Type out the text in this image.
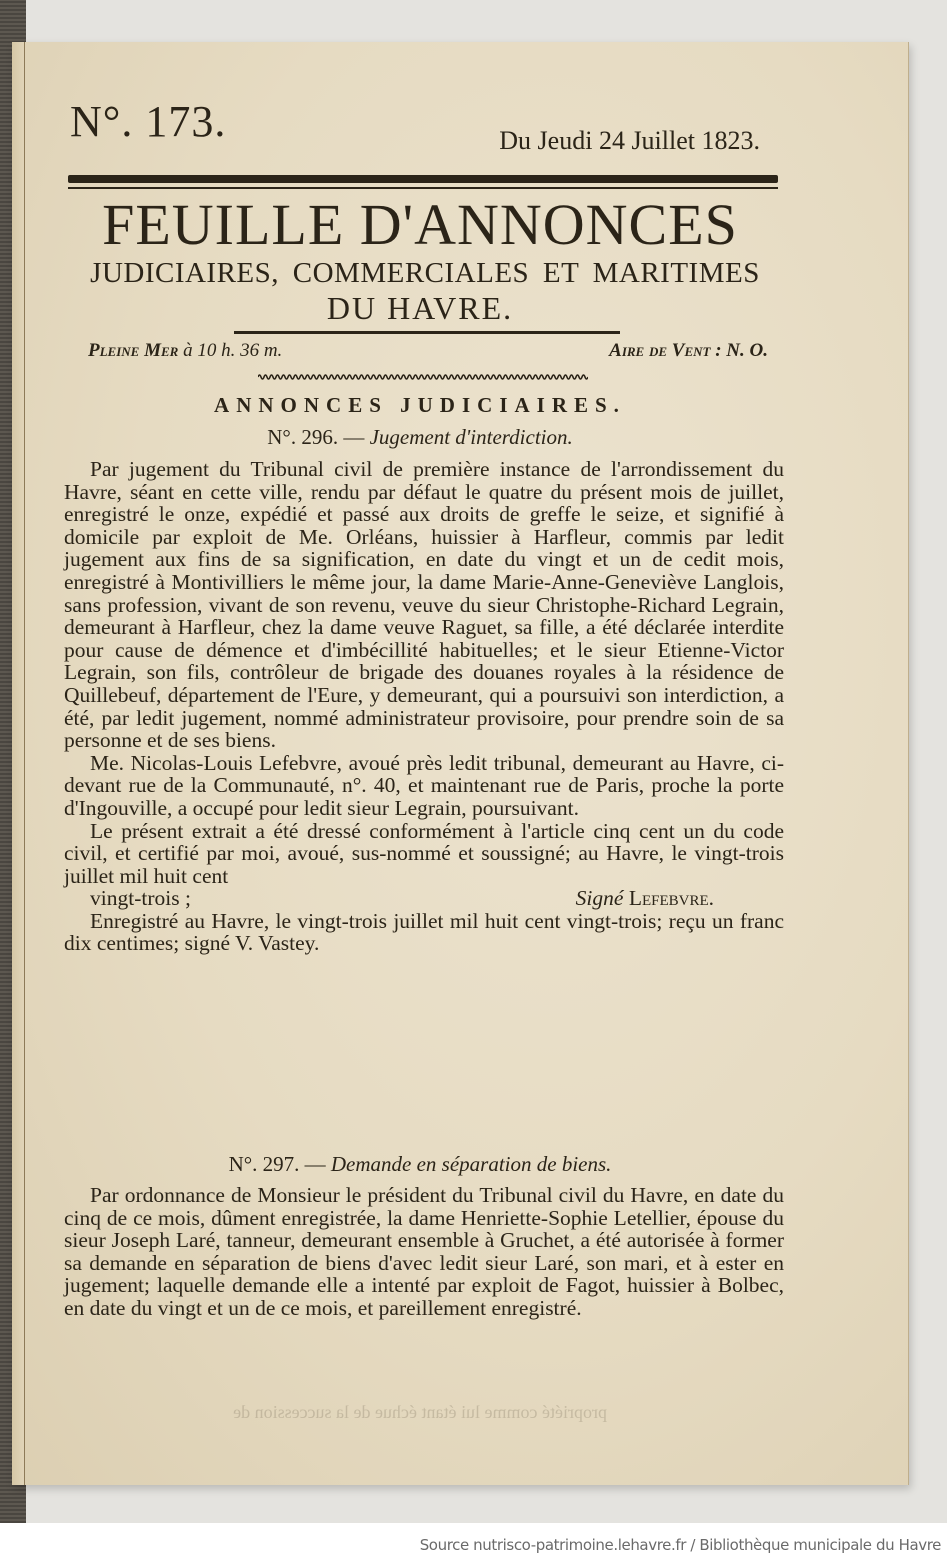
N°. 173.	Du Jeudi 24 Juillet 1823.
FEUILLE D'ANNONCES
JUDICIAIRES, COMMERCIALES ET MARITIMES
DU HAVRE.
Pleine Mer à 10 h. 36 m.	Aire de Vent : N. O.
ANNONCES JUDICIAIRES.
N°. 296. — Jugement d'interdiction.

Par jugement du Tribunal civil de première instance de l'arrondissement du Havre, séant en cette ville, rendu par défaut le quatre du présent mois de juillet, enregistré le onze, expédié et passé aux droits de greffe le seize, et signifié à domicile par exploit de Me. Orléans, huissier à Harfleur, commis par ledit jugement aux fins de sa signification, en date du vingt et un de cedit mois, enregistré à Montivilliers le même jour, la dame Marie-Anne-Geneviève Langlois, sans profession, vivant de son revenu, veuve du sieur Christophe-Richard Legrain, demeurant à Harfleur, chez la dame veuve Raguet, sa fille, a été déclarée interdite pour cause de démence et d'imbécillité habituelles; et le sieur Etienne-Victor Legrain, son fils, contrôleur de brigade des douanes royales à la résidence de Quillebeuf, département de l'Eure, y demeurant, qui a poursuivi son interdiction, a été, par ledit jugement, nommé administrateur provisoire, pour prendre soin de sa personne et de ses biens.

Me. Nicolas-Louis Lefebvre, avoué près ledit tribunal, demeurant au Havre, ci-devant rue de la Communauté, n°. 40, et maintenant rue de Paris, proche la porte d'Ingouville, a occupé pour ledit sieur Legrain, poursuivant.

Le présent extrait a été dressé conformément à l'article cinq cent un du code civil, et certifié par moi, avoué, sus-nommé et soussigné; au Havre, le vingt-trois juillet mil huit cent

vingt-trois ;	Signé Lefebvre.

Enregistré au Havre, le vingt-trois juillet mil huit cent vingt-trois; reçu un franc dix centimes; signé V. Vastey.

N°. 297. — Demande en séparation de biens.

Par ordonnance de Monsieur le président du Tribunal civil du Havre, en date du cinq de ce mois, dûment enregistrée, la dame Henriette-Sophie Letellier, épouse du sieur Joseph Laré, tanneur, demeurant ensemble à Gruchet, a été autorisée à former sa demande en séparation de biens d'avec ledit sieur Laré, son mari, et à ester en jugement; laquelle demande elle a intenté par exploit de Fagot, huissier à Bolbec, en date du vingt et un de ce mois, et pareillement enregistré.

propriété comme lui étant échue de la succession de
Source nutrisco-patrimoine.lehavre.fr / Bibliothèque municipale du Havre
